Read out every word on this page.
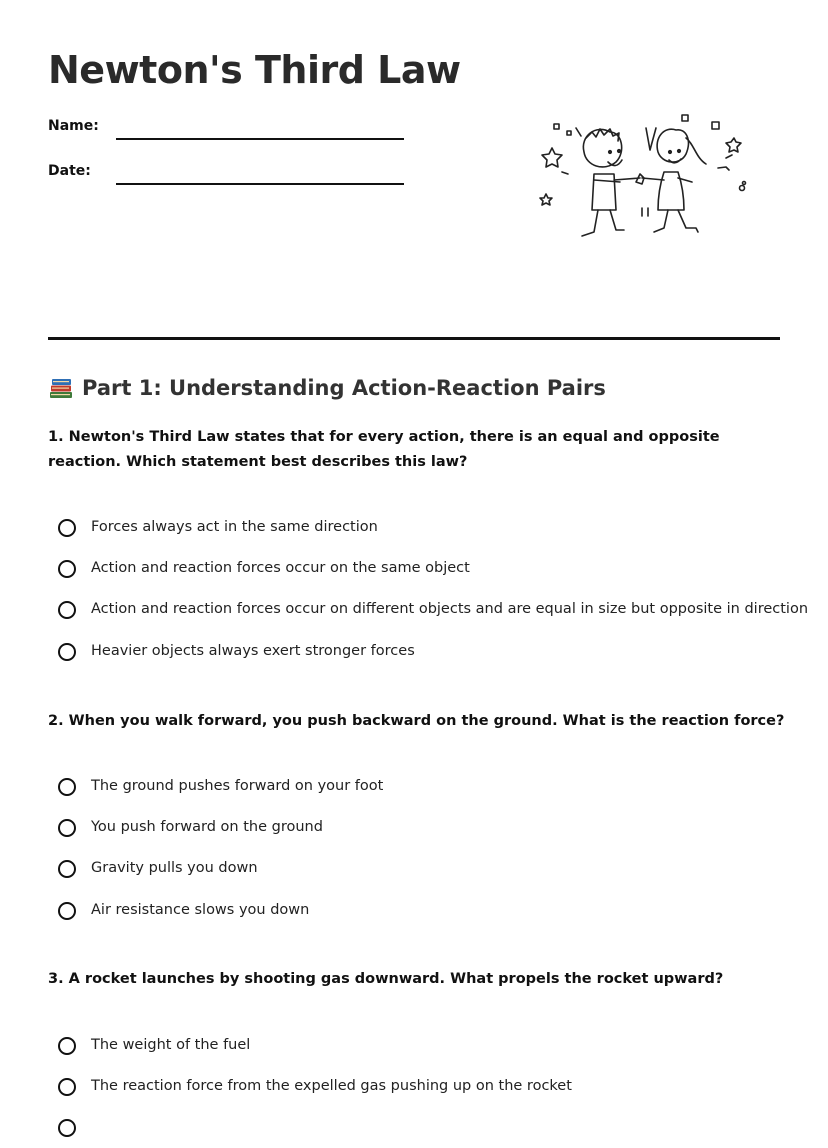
Newton's Third Law
Name:
Date:
Part 1: Understanding Action-Reaction Pairs

1. Newton's Third Law states that for every action, there is an equal and opposite reaction. Which statement best describes this law?

Forces always act in the same direction
Action and reaction forces occur on the same object
Action and reaction forces occur on different objects and are equal in size but opposite in direction
Heavier objects always exert stronger forces

2. When you walk forward, you push backward on the ground. What is the reaction force?

The ground pushes forward on your foot
You push forward on the ground
Gravity pulls you down
Air resistance slows you down

3. A rocket launches by shooting gas downward. What propels the rocket upward?

The weight of the fuel
The reaction force from the expelled gas pushing up on the rocket
